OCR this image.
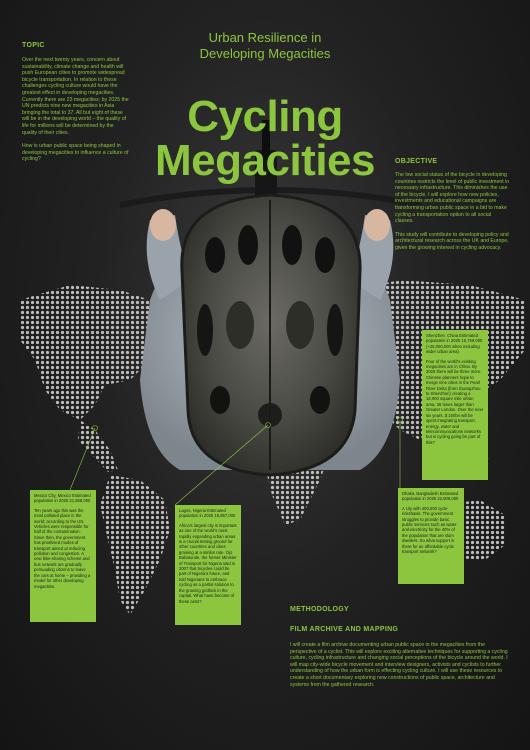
Urban Resilience in
Developing Megacities
Cycling
Megacities
TOPIC
Over the next twenty years, concern about sustainability, climate change and health will push European cities to promote widespread bicycle transportation. In relation to these challenges cycling culture would have the greatest effect in developing megacities. Currently there are 23 megacities; by 2025 the UN predicts nine new megacities in Asia bringing the total to 37. All but eight of these will be in the developing world – the quality of life for millions will be determined by the quality of their cities.
How is urban public space being shaped in developing megacities to influence a culture of cycling?	OBJECTIVE
The low social status of the bicycle in developing countries restricts the level of public investment in necessary infrastructure. This diminishes the use of the bicycle. I will explore how new policies, investments and educational campaigns are transforming urban public space in a bid to make cycling a transportation option to all social classes.
This study will contribute to developing policy and architectural research across the UK and Europe, given the growing interest in cycling advocacy.

Shenzhen, China Estimated population in 2025 15,759,000 (+25,000,000 when including wider urban area)

Four of the world's existing megacities are in China. By 2025 there will be three more. Chinese planners hope to merge nine cities in the Pearl River Delta (from Guangzhou to Shenzhen) creating a 16,000 square mile urban area, 26 times larger than Greater London. Over the next six years, $ 150bn will be spent integrating transport, energy, water and telecommunications networks but is cycling going be part of this?

Mexico City, Mexico Estimated population in 2025 21,868,000

Ten years ago this was the most polluted place in the world; according to the UN. Vehicles were responsible for half of the contamination. Since then, the government has prioritised modes of transport aimed at reducing pollution and congestion. A new bike-sharing scheme and bus network are gradually persuading citizens to leave the cars at home – providing a model for other developing megacities.

Lagos, Nigeria Estimated population in 2025 18,857,000

Africa's largest city is important as one of the world's most rapidly expanding urban areas is a crucial testing ground for other countries and cities growing at a similar rate. Ojo Babatunde, the former Minister of Transport for Nigeria said in 2007 that bicycles could be part of Nigeria's future, and told Nigerians to embrace cycling as a partial solution to the growing gridlock in the capital. What have become of these aims?

Dhaka, Bangladesh Estimated population in 2025 22,909,000

A city with 400,000 cycle rickshaws. The government struggles to provide basic public services such as water and electricity for the 40% of the population that are slum dwellers. So what support is there for an affordable cycle transport network?

METHODOLOGY
FILM ARCHIVE AND MAPPING
I will create a film archive documenting urban public space in the megacities from the perspective of a cyclist. This will explore exciting alternative techniques for supporting a cycling culture, cycling infrastructure and changing social perceptions of the bicycle around the world. I will map city-wide bicycle movement and interview designers, activists and cyclists to further understanding of how the urban form is effecting cycling culture. I will use these resources to create a short documentary exploring new constructions of public space, architecture and systems from the gathered research.
